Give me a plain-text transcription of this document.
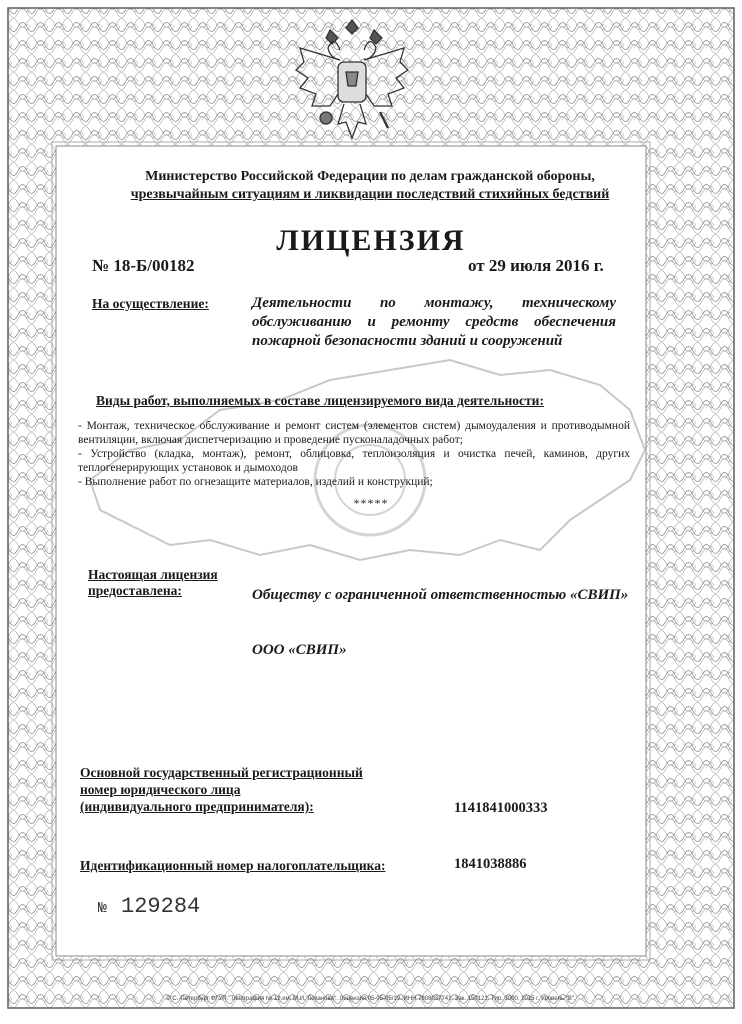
Министерство Российской Федерации по делам гражданской обороны,
чрезвычайным ситуациям и ликвидации последствий стихийных бедствий
ЛИЦЕНЗИЯ
№ 18-Б/00182	от 29 июля 2016 г.
На осуществление:	Деятельности по монтажу, техническому обслуживанию и ремонту средств обеспечения пожарной безопасности зданий и сооружений
Виды работ, выполняемых в составе лицензируемого вида деятельности:
- Монтаж, техническое обслуживание и ремонт систем (элементов систем) дымоудаления и противодымной вентиляции, включая диспетчеризацию и проведение пусконаладочных работ;
- Устройство (кладка, монтаж), ремонт, облицовка, теплоизоляция и очистка печей, каминов, других теплогенерирующих установок и дымоходов
- Выполнение работ по огнезащите материалов, изделий и конструкций;
*****
Настоящая лицензия
предоставлена:	Обществу с ограниченной ответственностью «СВИП»
ООО «СВИП»
Основной государственный регистрационный
номер юридического лица
(индивидуального предпринимателя):	1141841000333
Идентификационный номер налогоплательщика:	1841038886
№ 129284
© С.-Петербург ФГУП "Типография № 12 им. М.И. Лоханова". Лицензия 05-05-05/19. ИНН 7808037741. Зак. 150121. Тир. 3000. 2015 г. Уровень "В".
